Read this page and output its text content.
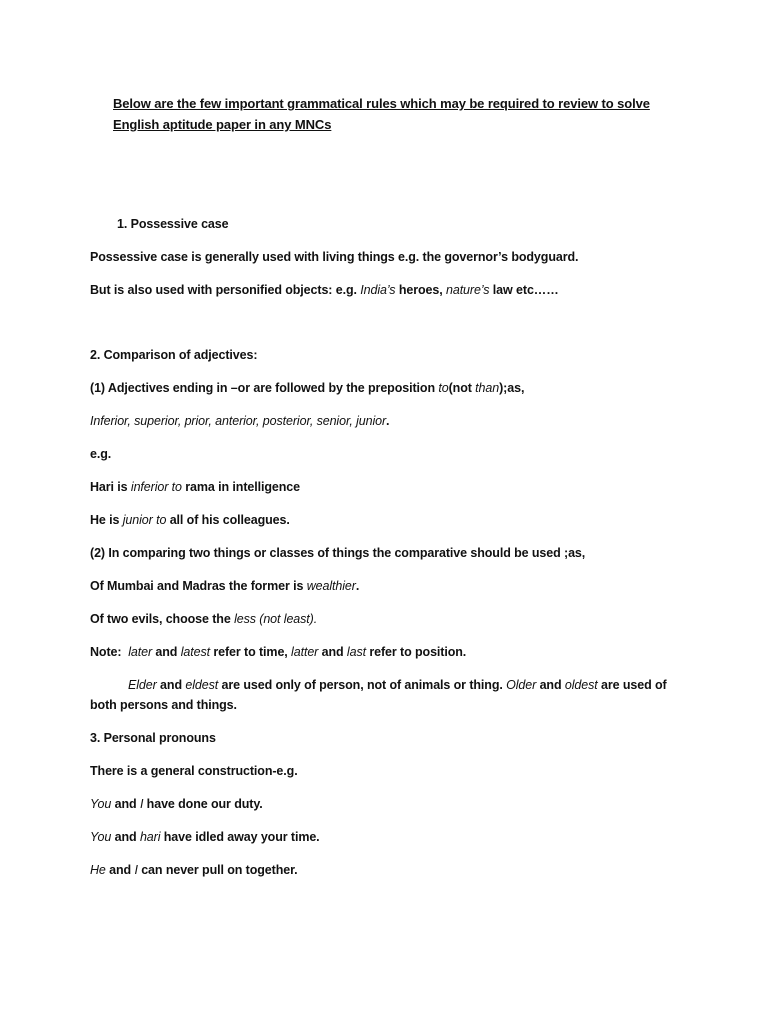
Below are the few important grammatical rules which may be required to review to solve

English aptitude paper in any MNCs

1. Possessive case

Possessive case is generally used with living things e.g. the governor’s bodyguard.

But is also used with personified objects: e.g. India’s heroes, nature’s law etc……

2. Comparison of adjectives:

(1) Adjectives ending in –or are followed by the preposition to(not than);as,

Inferior, superior, prior, anterior, posterior, senior, junior.

e.g.

Hari is inferior to rama in intelligence

He is junior to all of his colleagues.

(2) In comparing two things or classes of things the comparative should be used ;as,

Of Mumbai and Madras the former is wealthier.

Of two evils, choose the less (not least).

Note: later and latest refer to time, latter and last refer to position.

Elder and eldest are used only of person, not of animals or thing. Older and oldest are used of

both persons and things.

3. Personal pronouns

There is a general construction-e.g.

You and I have done our duty.

You and hari have idled away your time.

He and I can never pull on together.
